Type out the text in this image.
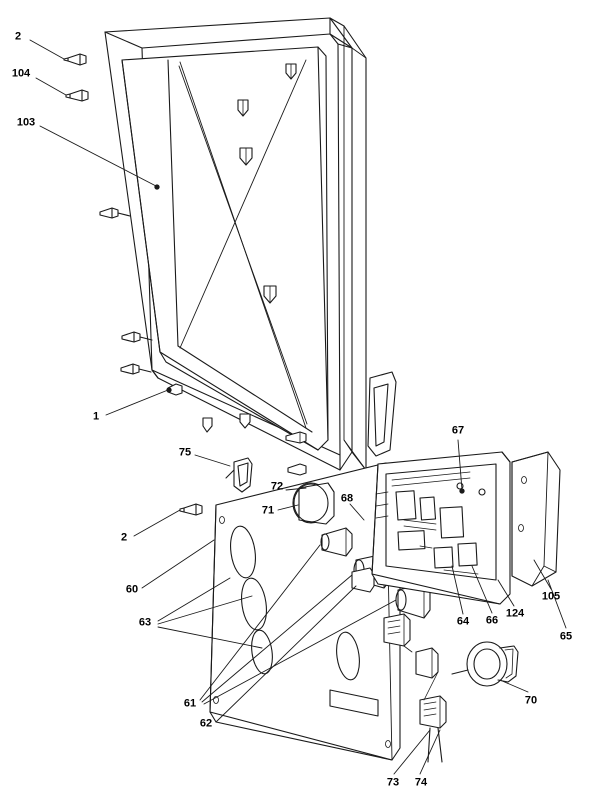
2
104
103
1
75
2
60
63
61
62
71
72
68
67
64 66
124
105
65
70
73 74
